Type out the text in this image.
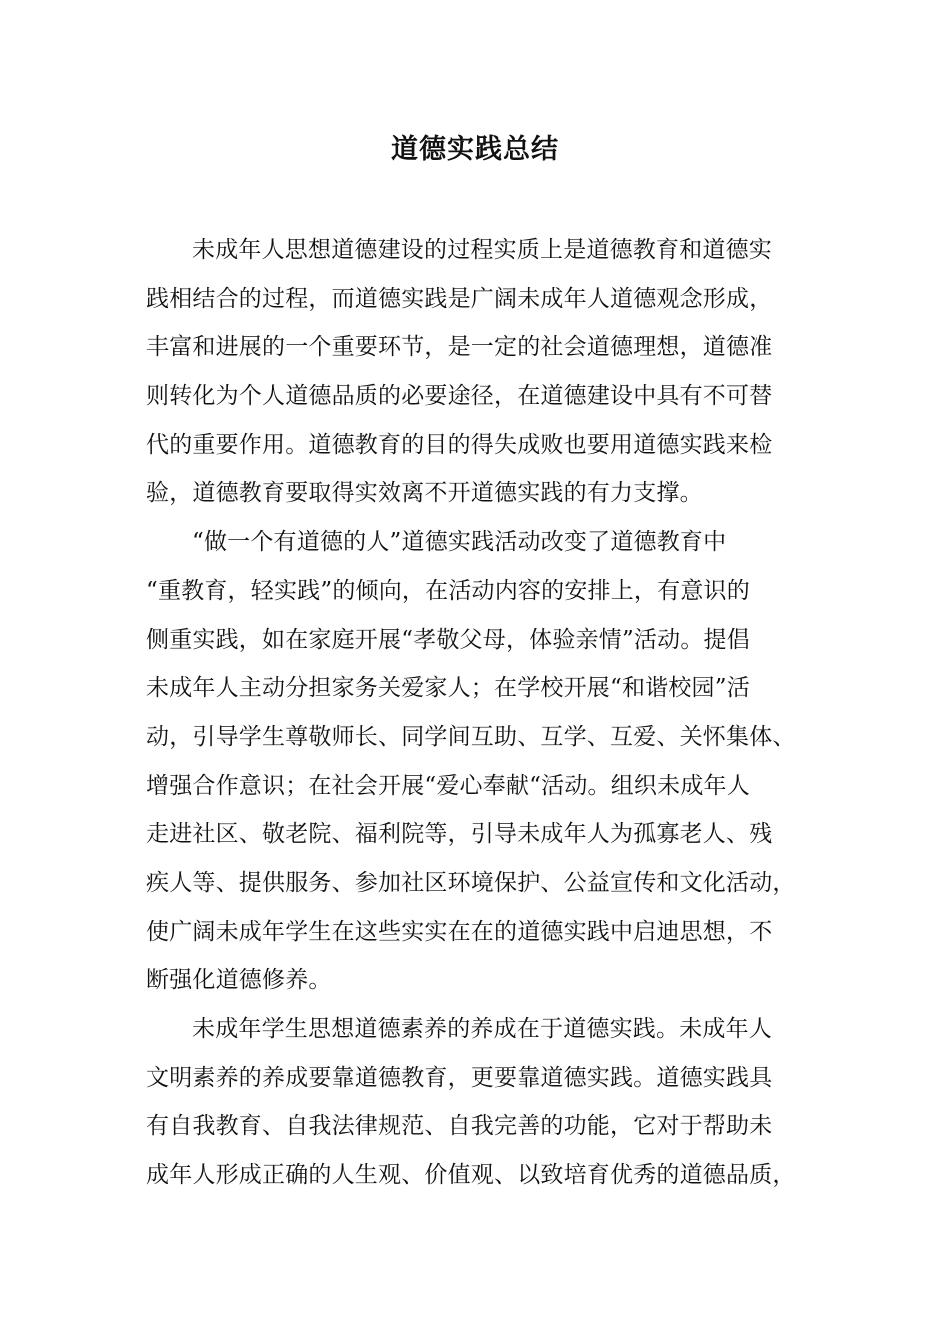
道德实践总结
未成年人思想道德建设的过程实质上是道德教育和道德实
践相结合的过程，而道德实践是广阔未成年人道德观念形成，
丰富和进展的一个重要环节，是一定的社会道德理想，道德准
则转化为个人道德品质的必要途径，在道德建设中具有不可替
代的重要作用。道德教育的目的得失成败也要用道德实践来检
验，道德教育要取得实效离不开道德实践的有力支撑。
“做一个有道德的人”道德实践活动改变了道德教育中
“重教育，轻实践”的倾向，在活动内容的安排上，有意识的
侧重实践，如在家庭开展“孝敬父母，体验亲情”活动。提倡
未成年人主动分担家务关爱家人；在学校开展“和谐校园”活
动，引导学生尊敬师长、同学间互助、互学、互爱、关怀集体、
增强合作意识；在社会开展“爱心奉献“活动。组织未成年人
走进社区、敬老院、福利院等，引导未成年人为孤寡老人、残
疾人等、提供服务、参加社区环境保护、公益宣传和文化活动，
使广阔未成年学生在这些实实在在的道德实践中启迪思想，不
断强化道德修养。
未成年学生思想道德素养的养成在于道德实践。未成年人
文明素养的养成要靠道德教育，更要靠道德实践。道德实践具
有自我教育、自我法律规范、自我完善的功能，它对于帮助未
成年人形成正确的人生观、价值观、以致培育优秀的道德品质，
